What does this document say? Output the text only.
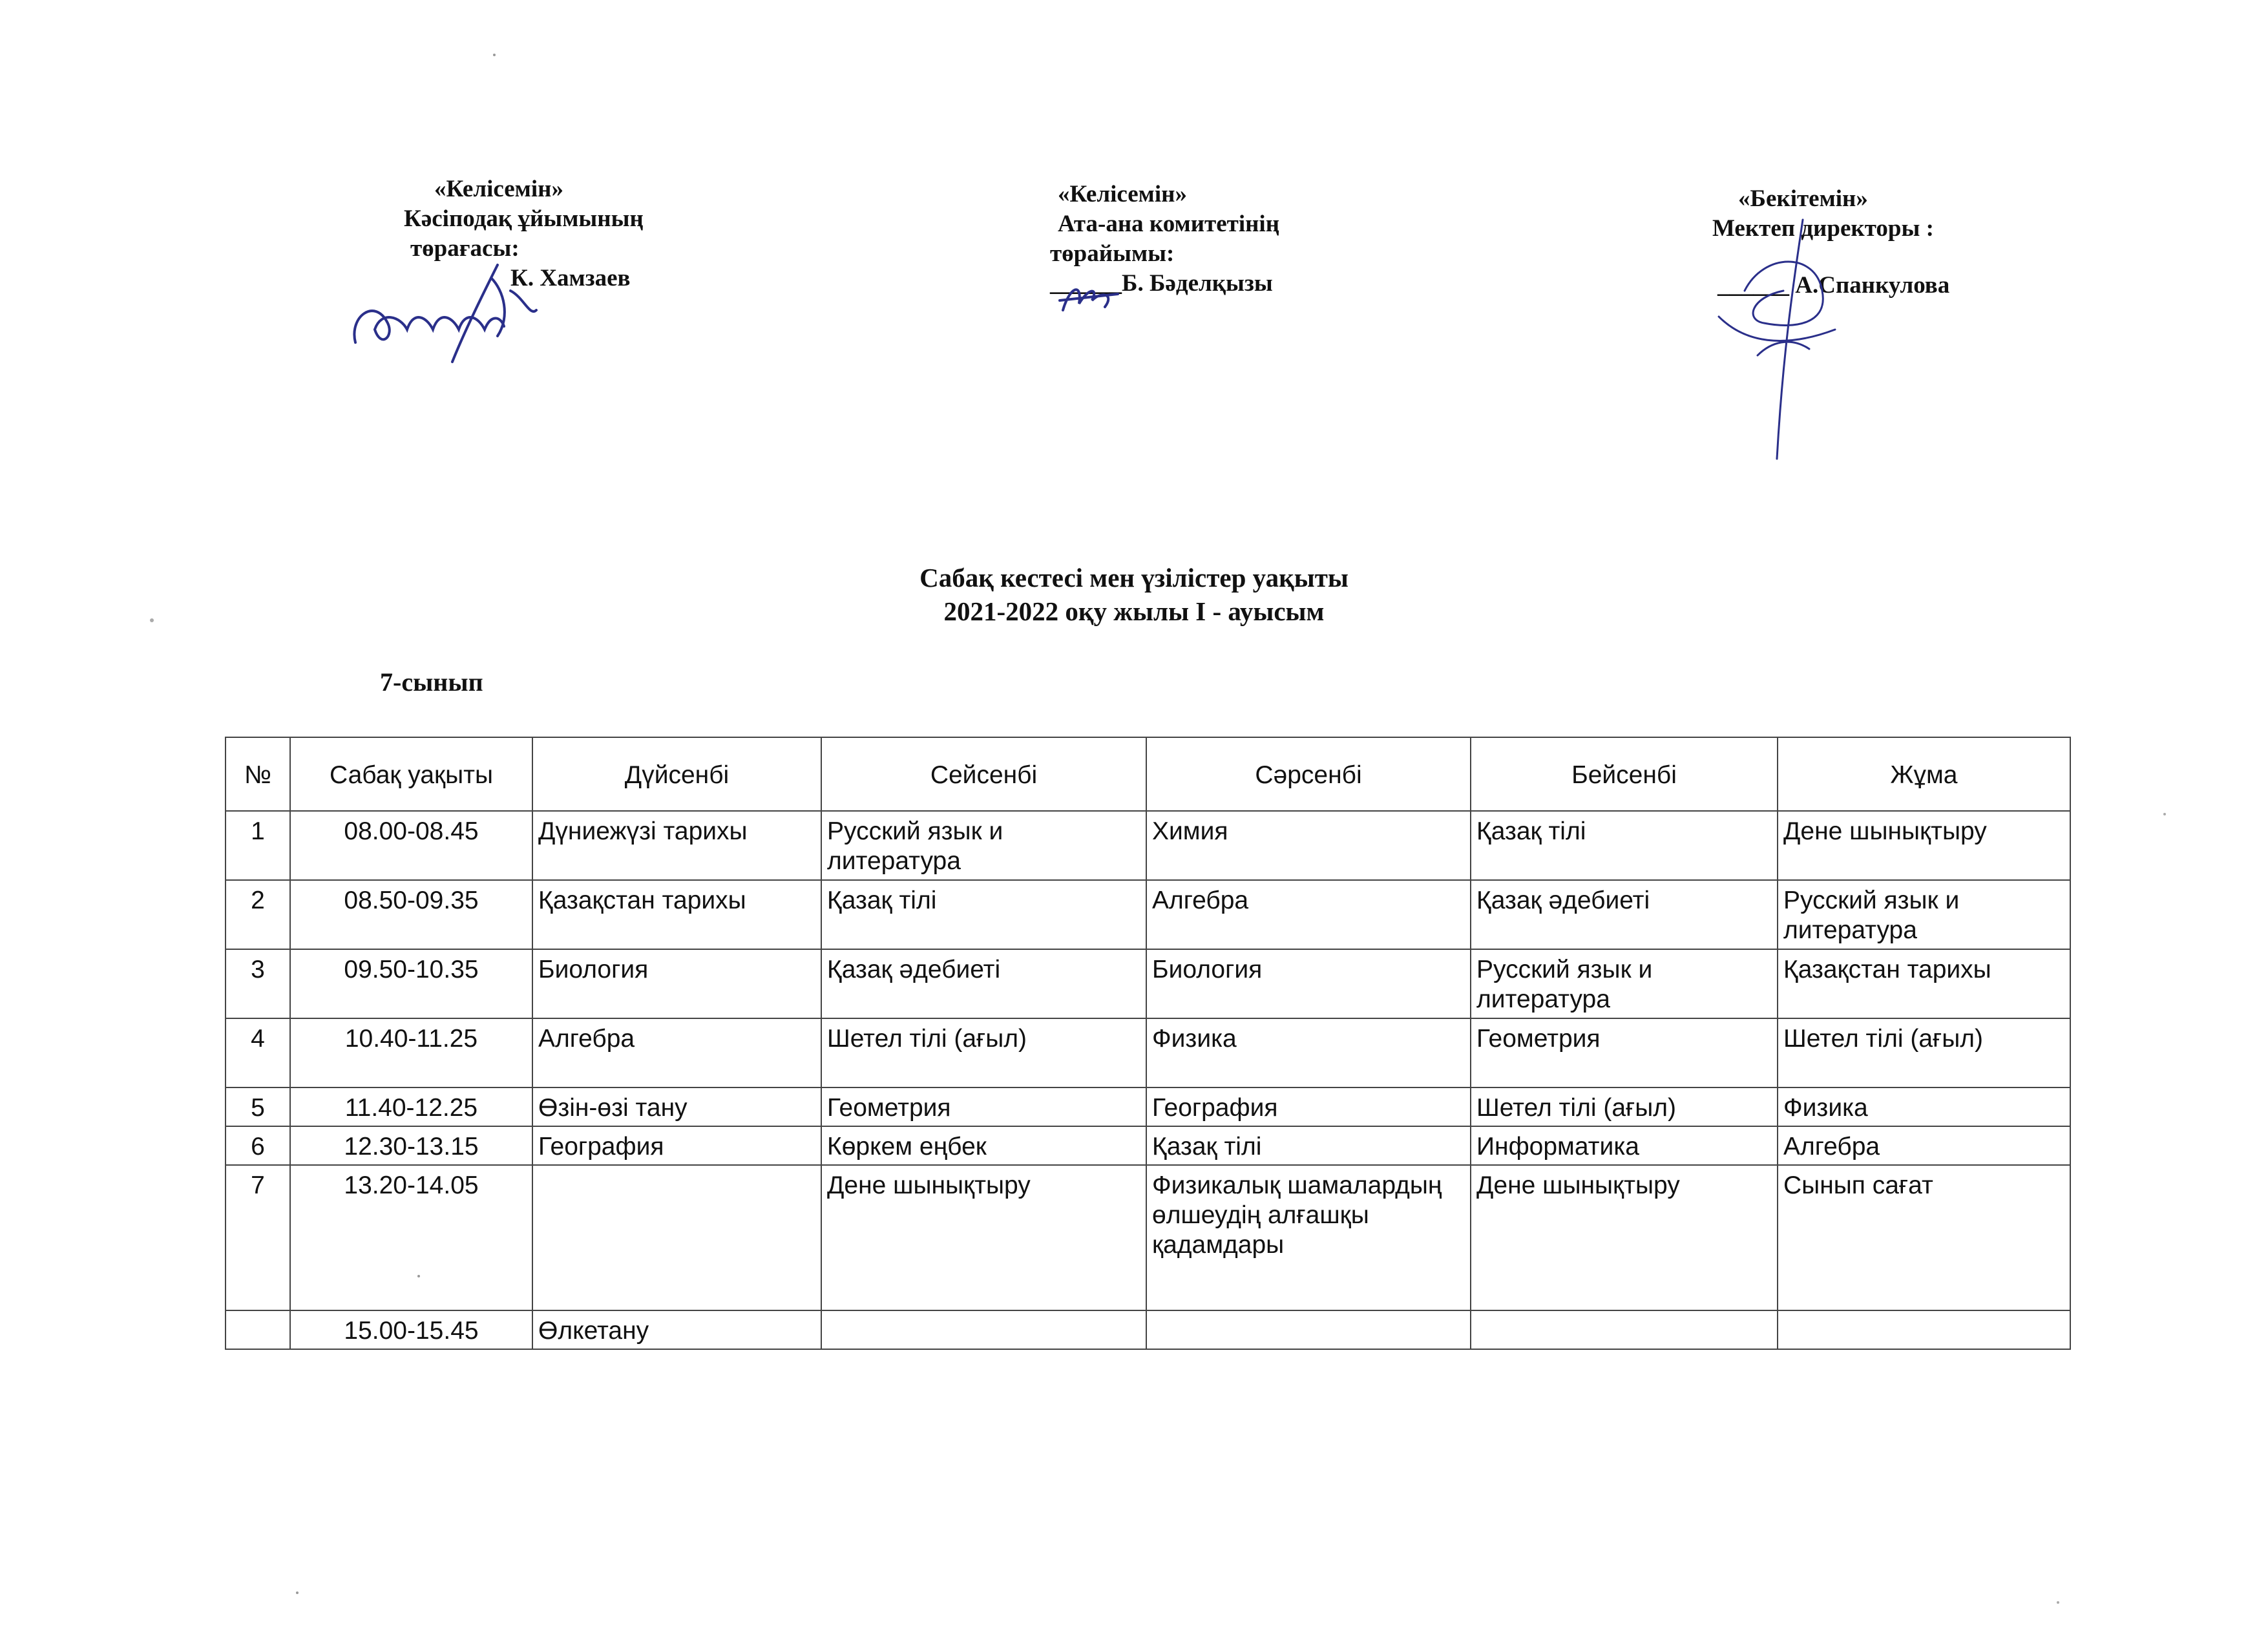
«Келісемін»
Кәсіподақ ұйымының
төрағасы:
К. Хамзаев
«Келісемін»
Ата-ана комитетінің
төрайымы:
______Б. Бәделқызы
«Бекітемін»
Мектеп директоры :
______ А.Спанкулова
Сабақ кестесі мен үзілістер уақыты
2021-2022 оқу жылы І - ауысым
7-сынып
№	Сабақ уақыты	Дүйсенбі	Сейсенбі	Сәрсенбі	Бейсенбі	Жұма
1	08.00-08.45	Дүниежүзі тарихы	Русский язык и литература	Химия	Қазақ тілі	Дене шынықтыру
2	08.50-09.35	Қазақстан тарихы	Қазақ тілі	Алгебра	Қазақ әдебиеті	Русский язык и литература
3	09.50-10.35	Биология	Қазақ әдебиеті	Биология	Русский язык и литература	Қазақстан тарихы
4	10.40-11.25	Алгебра	Шетел тілі (ағыл)	Физика	Геометрия	Шетел тілі (ағыл)
5	11.40-12.25	Өзін-өзі тану	Геометрия	География	Шетел тілі (ағыл)	Физика
6	12.30-13.15	География	Көркем еңбек	Қазақ тілі	Информатика	Алгебра
7	13.20-14.05		Дене шынықтыру	Физикалық шамалардың өлшеудің алғашқы қадамдары	Дене шынықтыру	Сынып сағат
	15.00-15.45	Өлкетану				
